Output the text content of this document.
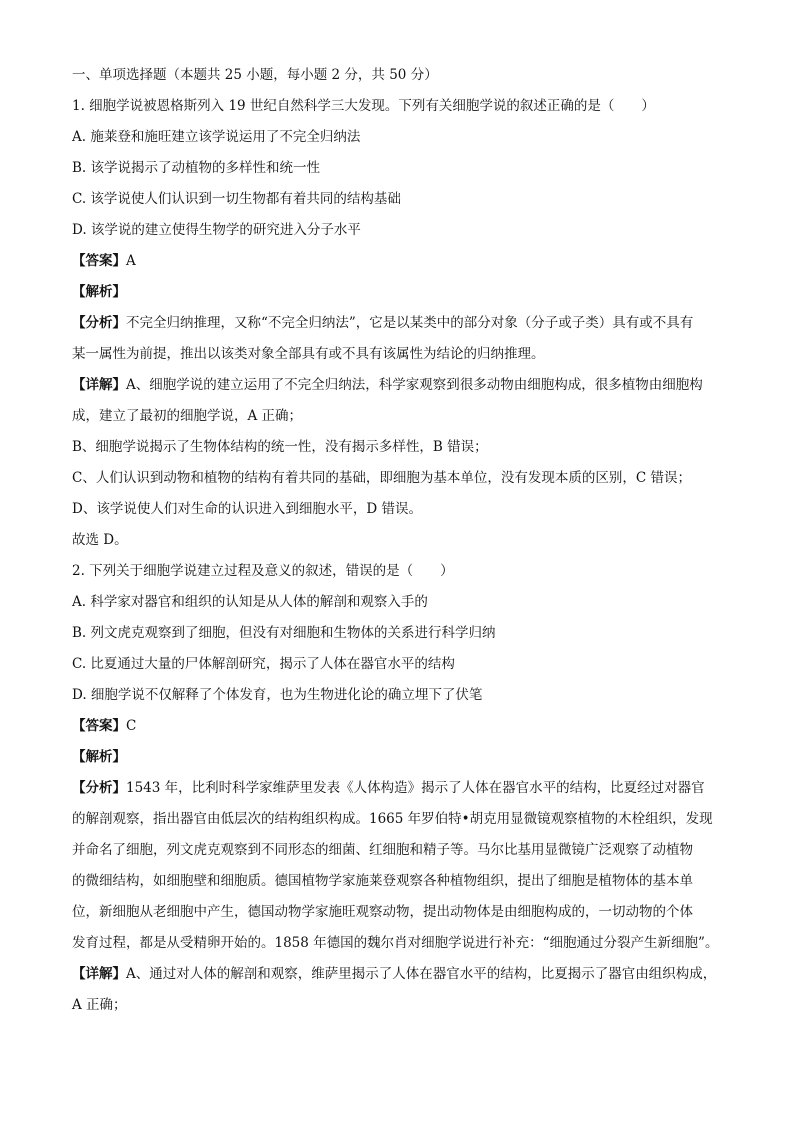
一、单项选择题（本题共 25 小题，每小题 2 分，共 50 分）
1. 细胞学说被恩格斯列入 19 世纪自然科学三大发现。下列有关细胞学说的叙述正确的是（　　）
A. 施莱登和施旺建立该学说运用了不完全归纳法
B. 该学说揭示了动植物的多样性和统一性
C. 该学说使人们认识到一切生物都有着共同的结构基础
D. 该学说的建立使得生物学的研究进入分子水平
【答案】A
【解析】
【分析】不完全归纳推理，又称“不完全归纳法”，它是以某类中的部分对象（分子或子类）具有或不具有
某一属性为前提，推出以该类对象全部具有或不具有该属性为结论的归纳推理。
【详解】A、细胞学说的建立运用了不完全归纳法，科学家观察到很多动物由细胞构成，很多植物由细胞构
成，建立了最初的细胞学说，A 正确；
B、细胞学说揭示了生物体结构的统一性，没有揭示多样性，B 错误；
C、人们认识到动物和植物的结构有着共同的基础，即细胞为基本单位，没有发现本质的区别，C 错误；
D、该学说使人们对生命的认识进入到细胞水平，D 错误。
故选 D。
2. 下列关于细胞学说建立过程及意义的叙述，错误的是（　　）
A. 科学家对器官和组织的认知是从人体的解剖和观察入手的
B. 列文虎克观察到了细胞，但没有对细胞和生物体的关系进行科学归纳
C. 比夏通过大量的尸体解剖研究，揭示了人体在器官水平的结构
D. 细胞学说不仅解释了个体发育，也为生物进化论的确立埋下了伏笔
【答案】C
【解析】
【分析】1543 年，比利时科学家维萨里发表《人体构造》揭示了人体在器官水平的结构，比夏经过对器官
的解剖观察，指出器官由低层次的结构组织构成。1665 年罗伯特•胡克用显微镜观察植物的木栓组织，发现
并命名了细胞，列文虎克观察到不同形态的细菌、红细胞和精子等。马尔比基用显微镜广泛观察了动植物
的微细结构，如细胞壁和细胞质。德国植物学家施莱登观察各种植物组织，提出了细胞是植物体的基本单
位，新细胞从老细胞中产生，德国动物学家施旺观察动物，提出动物体是由细胞构成的，一切动物的个体
发育过程，都是从受精卵开始的。1858 年德国的魏尔肖对细胞学说进行补充：“细胞通过分裂产生新细胞”。
【详解】A、通过对人体的解剖和观察，维萨里揭示了人体在器官水平的结构，比夏揭示了器官由组织构成，
A 正确；
